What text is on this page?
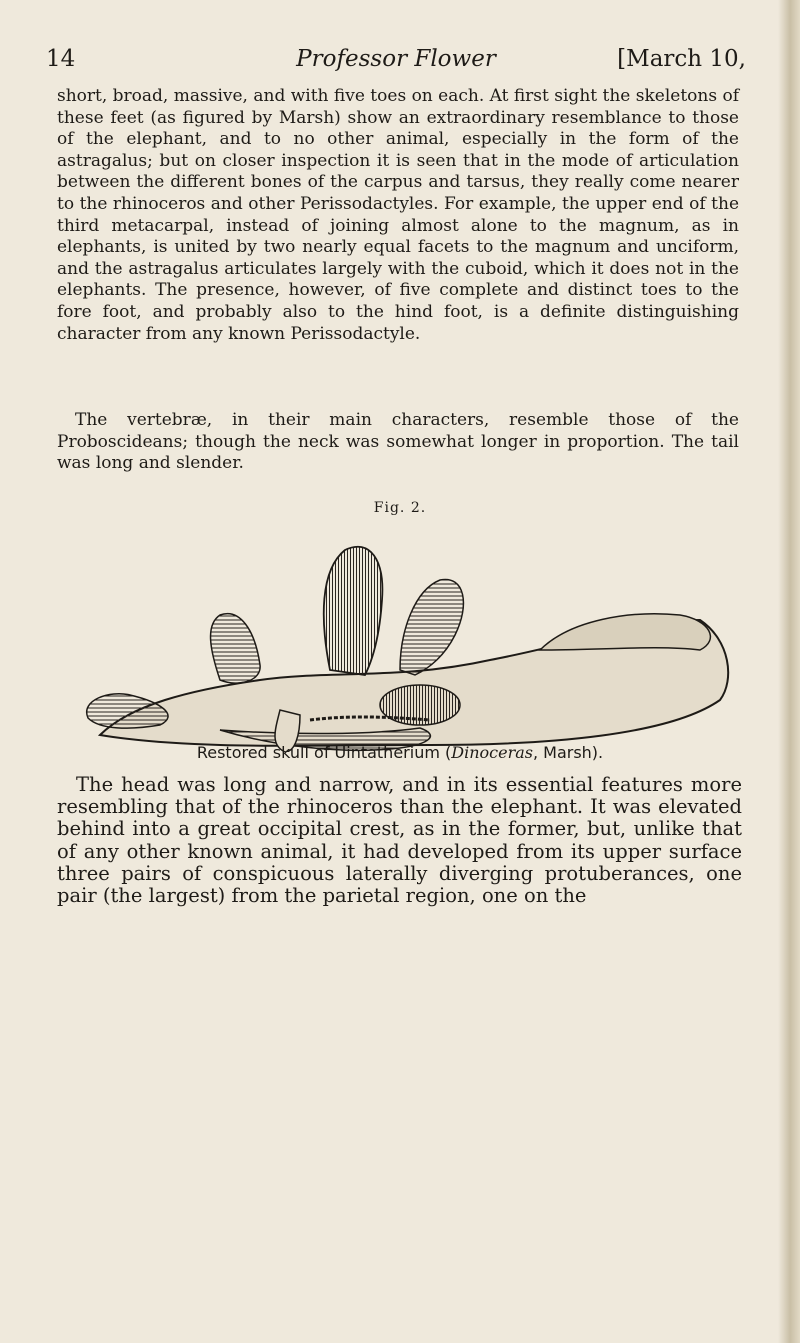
14	Professor Flower	[March 10,

short, broad, massive, and with five toes on each. At first sight the skeletons of these feet (as figured by Marsh) show an extraordinary resemblance to those of the elephant, and to no other animal, especially in the form of the astragalus; but on closer inspection it is seen that in the mode of articulation between the different bones of the carpus and tarsus, they really come nearer to the rhinoceros and other Perissodactyles. For example, the upper end of the third metacarpal, instead of joining almost alone to the magnum, as in elephants, is united by two nearly equal facets to the magnum and unciform, and the astragalus articulates largely with the cuboid, which it does not in the elephants. The presence, however, of five complete and distinct toes to the fore foot, and probably also to the hind foot, is a definite distinguishing character from any known Perissodactyle.

The vertebræ, in their main characters, resemble those of the Proboscideans; though the neck was somewhat longer in proportion. The tail was long and slender.

Fig. 2.
Restored skull of Uintatherium (Dinoceras, Marsh).

The head was long and narrow, and in its essential features more resembling that of the rhinoceros than the elephant. It was elevated behind into a great occipital crest, as in the former, but, unlike that of any other known animal, it had developed from its upper surface three pairs of conspicuous laterally diverging protuberances, one pair (the largest) from the parietal region, one on the
